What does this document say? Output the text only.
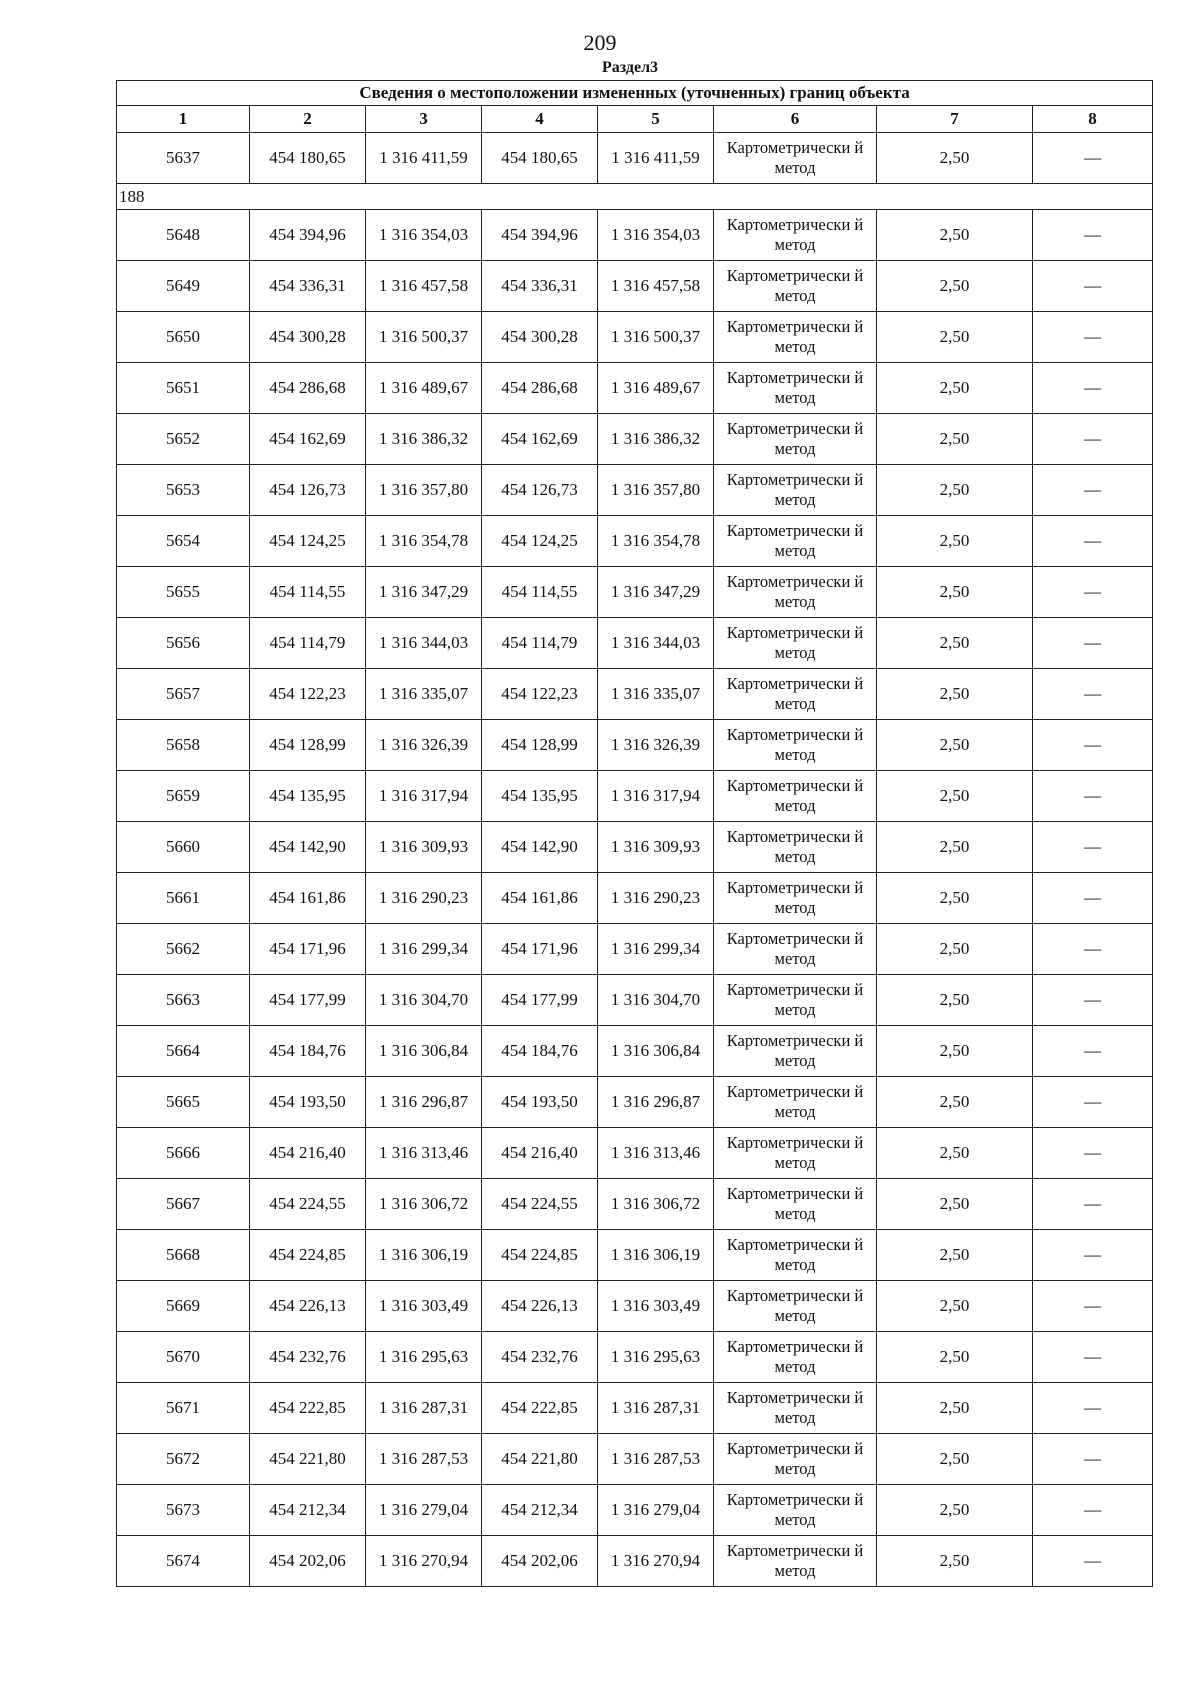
209
Раздел3
Сведения о местоположении измененных (уточненных) границ объекта							
1	2	3	4	5	6	7	8
5637	454 180,65	1 316 411,59	454 180,65	1 316 411,59	Картометрически й метод	2,50	—
188							
5648	454 394,96	1 316 354,03	454 394,96	1 316 354,03	Картометрически й метод	2,50	—
5649	454 336,31	1 316 457,58	454 336,31	1 316 457,58	Картометрически й метод	2,50	—
5650	454 300,28	1 316 500,37	454 300,28	1 316 500,37	Картометрически й метод	2,50	—
5651	454 286,68	1 316 489,67	454 286,68	1 316 489,67	Картометрически й метод	2,50	—
5652	454 162,69	1 316 386,32	454 162,69	1 316 386,32	Картометрически й метод	2,50	—
5653	454 126,73	1 316 357,80	454 126,73	1 316 357,80	Картометрически й метод	2,50	—
5654	454 124,25	1 316 354,78	454 124,25	1 316 354,78	Картометрически й метод	2,50	—
5655	454 114,55	1 316 347,29	454 114,55	1 316 347,29	Картометрически й метод	2,50	—
5656	454 114,79	1 316 344,03	454 114,79	1 316 344,03	Картометрически й метод	2,50	—
5657	454 122,23	1 316 335,07	454 122,23	1 316 335,07	Картометрически й метод	2,50	—
5658	454 128,99	1 316 326,39	454 128,99	1 316 326,39	Картометрически й метод	2,50	—
5659	454 135,95	1 316 317,94	454 135,95	1 316 317,94	Картометрически й метод	2,50	—
5660	454 142,90	1 316 309,93	454 142,90	1 316 309,93	Картометрически й метод	2,50	—
5661	454 161,86	1 316 290,23	454 161,86	1 316 290,23	Картометрически й метод	2,50	—
5662	454 171,96	1 316 299,34	454 171,96	1 316 299,34	Картометрически й метод	2,50	—
5663	454 177,99	1 316 304,70	454 177,99	1 316 304,70	Картометрически й метод	2,50	—
5664	454 184,76	1 316 306,84	454 184,76	1 316 306,84	Картометрически й метод	2,50	—
5665	454 193,50	1 316 296,87	454 193,50	1 316 296,87	Картометрически й метод	2,50	—
5666	454 216,40	1 316 313,46	454 216,40	1 316 313,46	Картометрически й метод	2,50	—
5667	454 224,55	1 316 306,72	454 224,55	1 316 306,72	Картометрически й метод	2,50	—
5668	454 224,85	1 316 306,19	454 224,85	1 316 306,19	Картометрически й метод	2,50	—
5669	454 226,13	1 316 303,49	454 226,13	1 316 303,49	Картометрически й метод	2,50	—
5670	454 232,76	1 316 295,63	454 232,76	1 316 295,63	Картометрически й метод	2,50	—
5671	454 222,85	1 316 287,31	454 222,85	1 316 287,31	Картометрически й метод	2,50	—
5672	454 221,80	1 316 287,53	454 221,80	1 316 287,53	Картометрически й метод	2,50	—
5673	454 212,34	1 316 279,04	454 212,34	1 316 279,04	Картометрически й метод	2,50	—
5674	454 202,06	1 316 270,94	454 202,06	1 316 270,94	Картометрически й метод	2,50	—
